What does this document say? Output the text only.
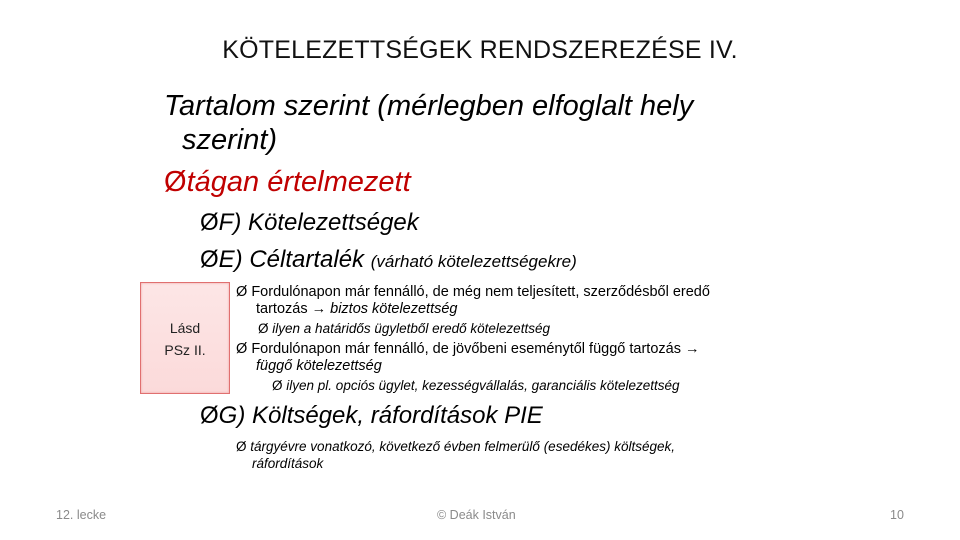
KÖTELEZETTSÉGEK RENDSZEREZÉSE IV.
Tartalom szerint (mérlegben elfoglalt hely
szerint)
Øtágan értelmezett
ØF) Kötelezettségek
ØE) Céltartalék (várható kötelezettségekre)
Lásd
PSz II.
Ø Fordulónapon már fennálló, de még nem teljesített, szerződésből eredő
tartozás → biztos kötelezettség
Ø ilyen a határidős ügyletből eredő kötelezettség
Ø Fordulónapon már fennálló, de jövőbeni eseménytől függő tartozás →
függő kötelezettség
Ø ilyen pl. opciós ügylet, kezességvállalás, garanciális kötelezettség
ØG) Költségek, ráfordítások PIE
Ø tárgyévre vonatkozó, következő évben felmerülő (esedékes) költségek,
ráfordítások
12. lecke	© Deák István	10
